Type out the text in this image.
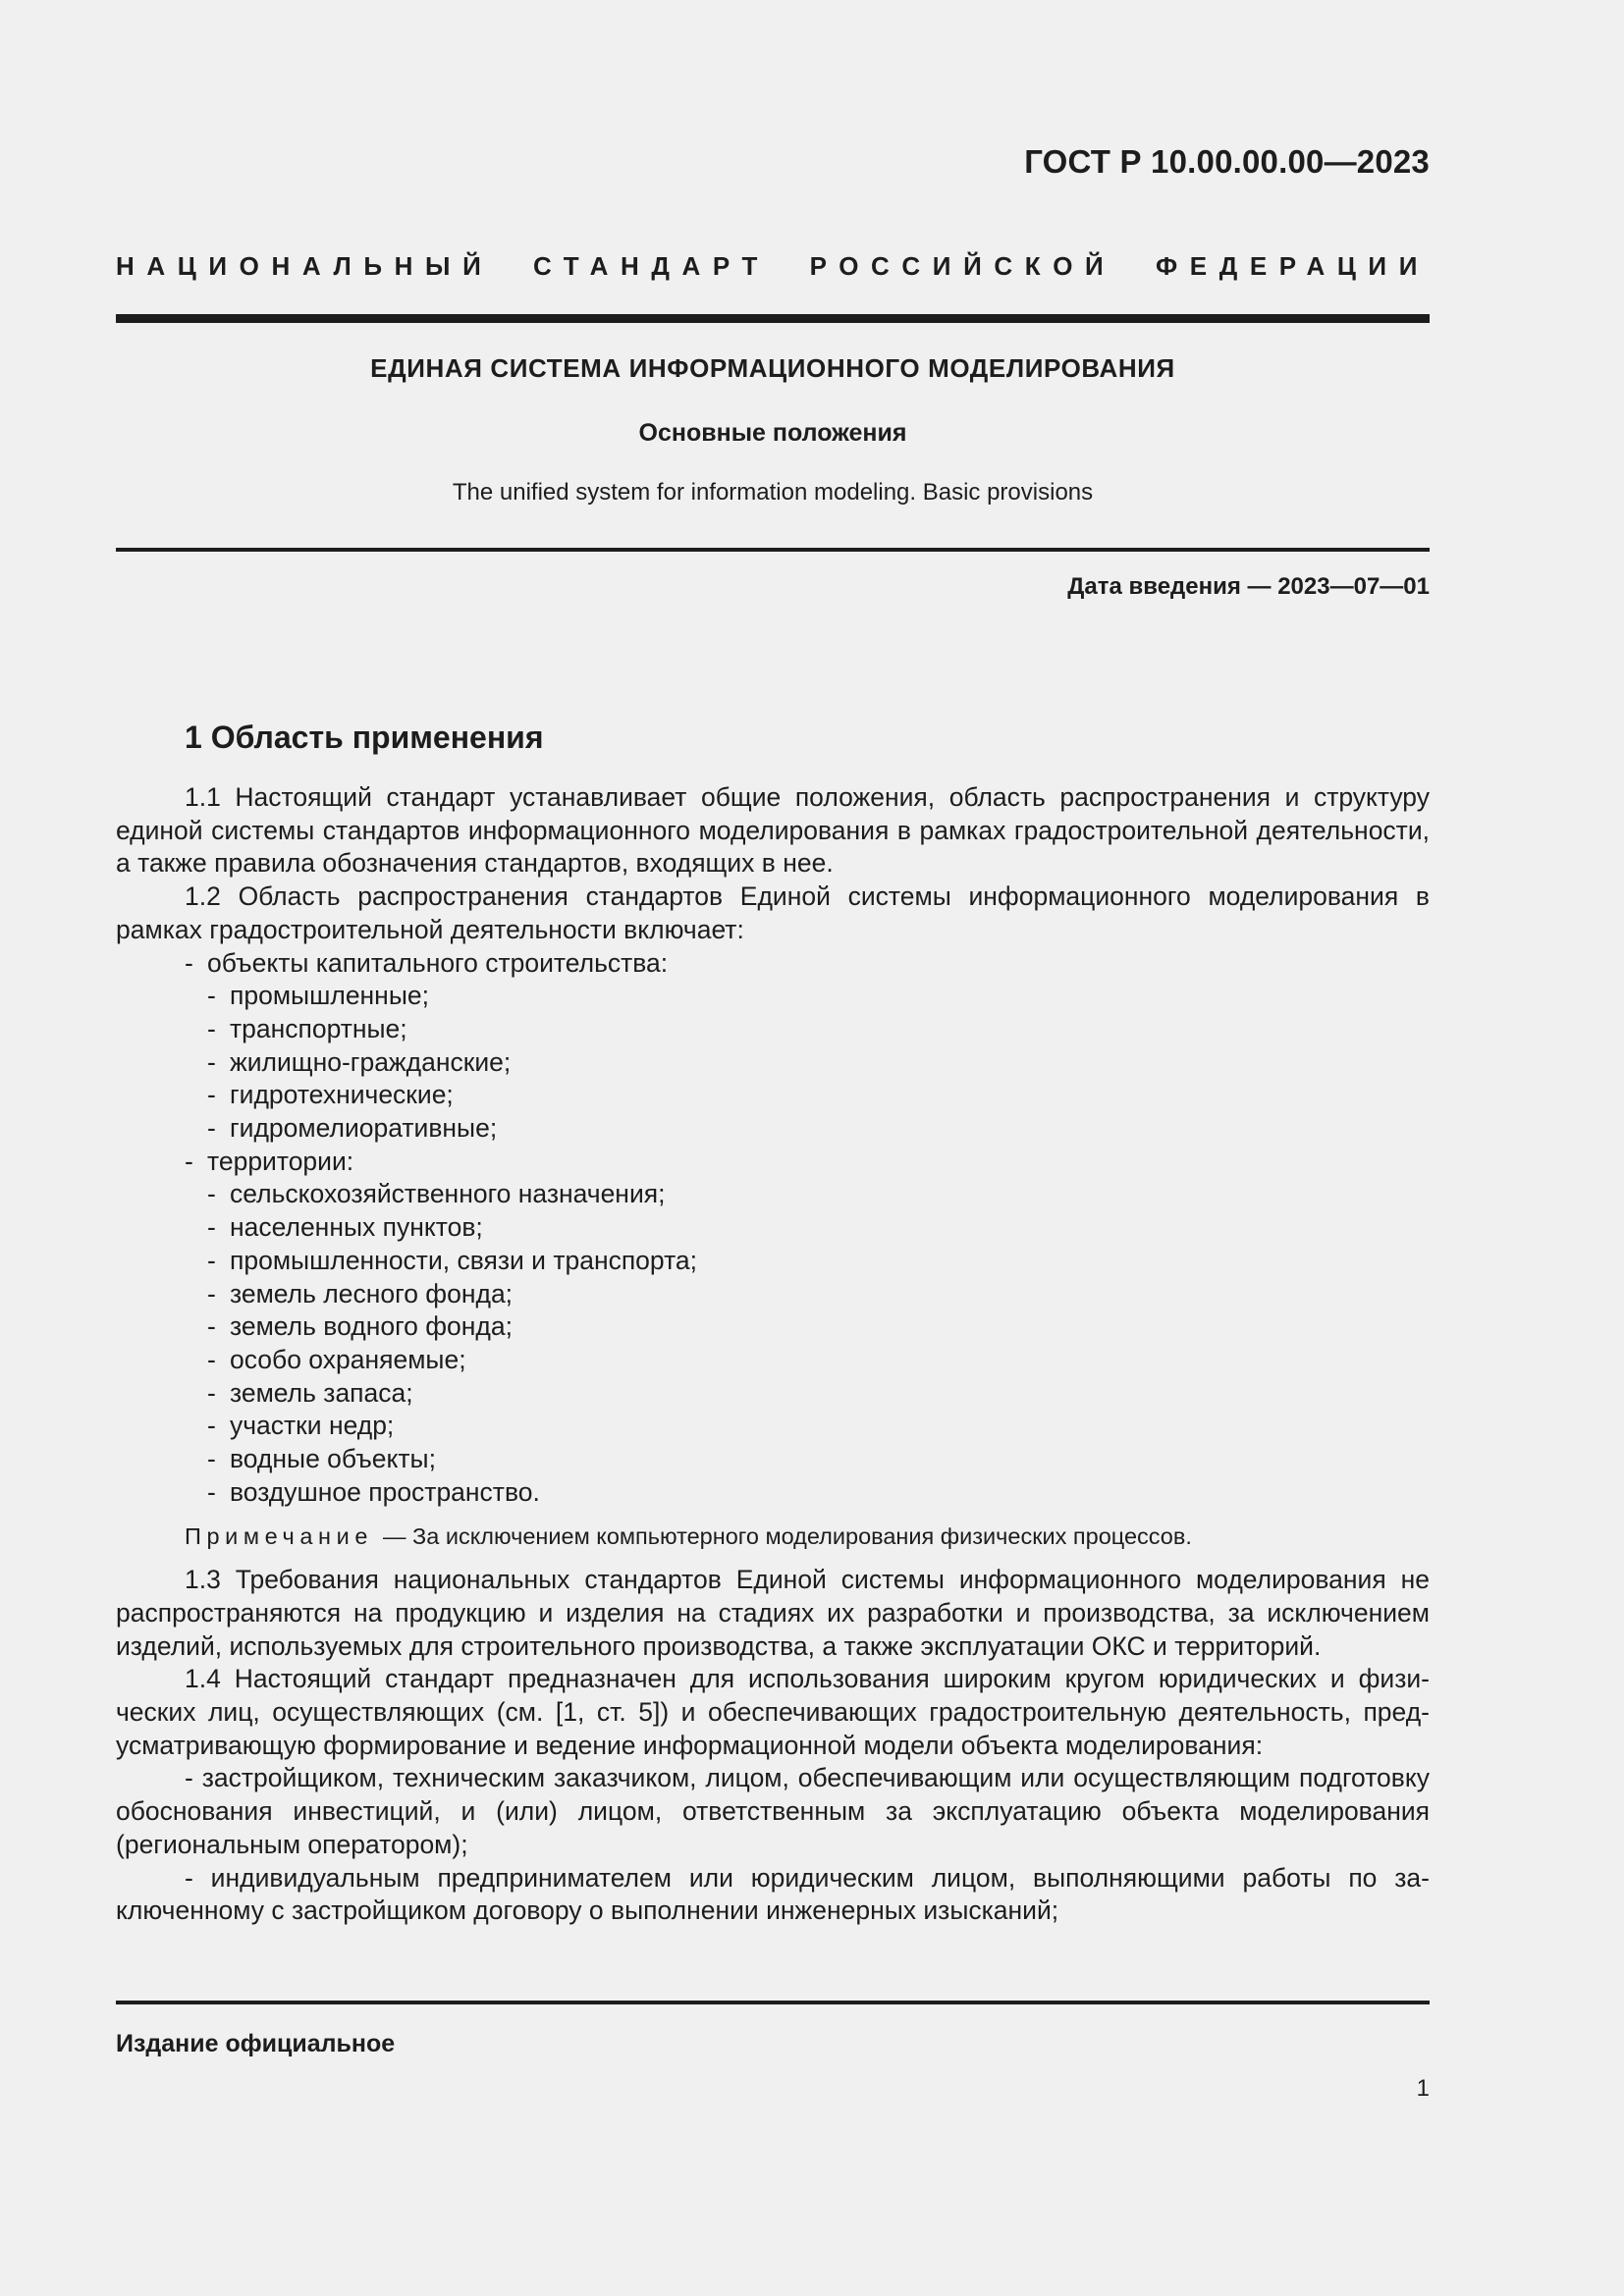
ГОСТ Р 10.00.00.00—2023
НАЦИОНАЛЬНЫЙ СТАНДАРТ РОССИЙСКОЙ ФЕДЕРАЦИИ
ЕДИНАЯ СИСТЕМА ИНФОРМАЦИОННОГО МОДЕЛИРОВАНИЯ
Основные положения
The unified system for information modeling. Basic provisions
Дата введения — 2023—07—01
1 Область применения

1.1 Настоящий стандарт устанавливает общие положения, область распространения и структуру единой системы стандартов информационного моделирования в рамках градостроительной деятельности, а также правила обозначения стандартов, входящих в нее.

1.2 Область распространения стандартов Единой системы информационного моделирования в рамках градостроительной деятельности включает:

- объекты капитального строительства:
- промышленные;
- транспортные;
- жилищно-гражданские;
- гидротехнические;
- гидромелиоративные;
- территории:
- сельскохозяйственного назначения;
- населенных пунктов;
- промышленности, связи и транспорта;
- земель лесного фонда;
- земель водного фонда;
- особо охраняемые;
- земель запаса;
- участки недр;
- водные объекты;
- воздушное пространство.

Примечание — За исключением компьютерного моделирования физических процессов.

1.3 Требования национальных стандартов Единой системы информационного моделирования не распространяются на продукцию и изделия на стадиях их разработки и производства, за исключением изделий, используемых для строительного производства, а также эксплуатации ОКС и территорий.

1.4 Настоящий стандарт предназначен для использования широким кругом юридических и физических лиц, осуществляющих (см. [1, ст. 5]) и обеспечивающих градостроительную деятельность, предусматривающую формирование и ведение информационной модели объекта моделирования:

- застройщиком, техническим заказчиком, лицом, обеспечивающим или осуществляющим подготовку обоснования инвестиций, и (или) лицом, ответственным за эксплуатацию объекта моделирования (региональным оператором);

- индивидуальным предпринимателем или юридическим лицом, выполняющими работы по заключенному с застройщиком договору о выполнении инженерных изысканий;

Издание официальное
1
